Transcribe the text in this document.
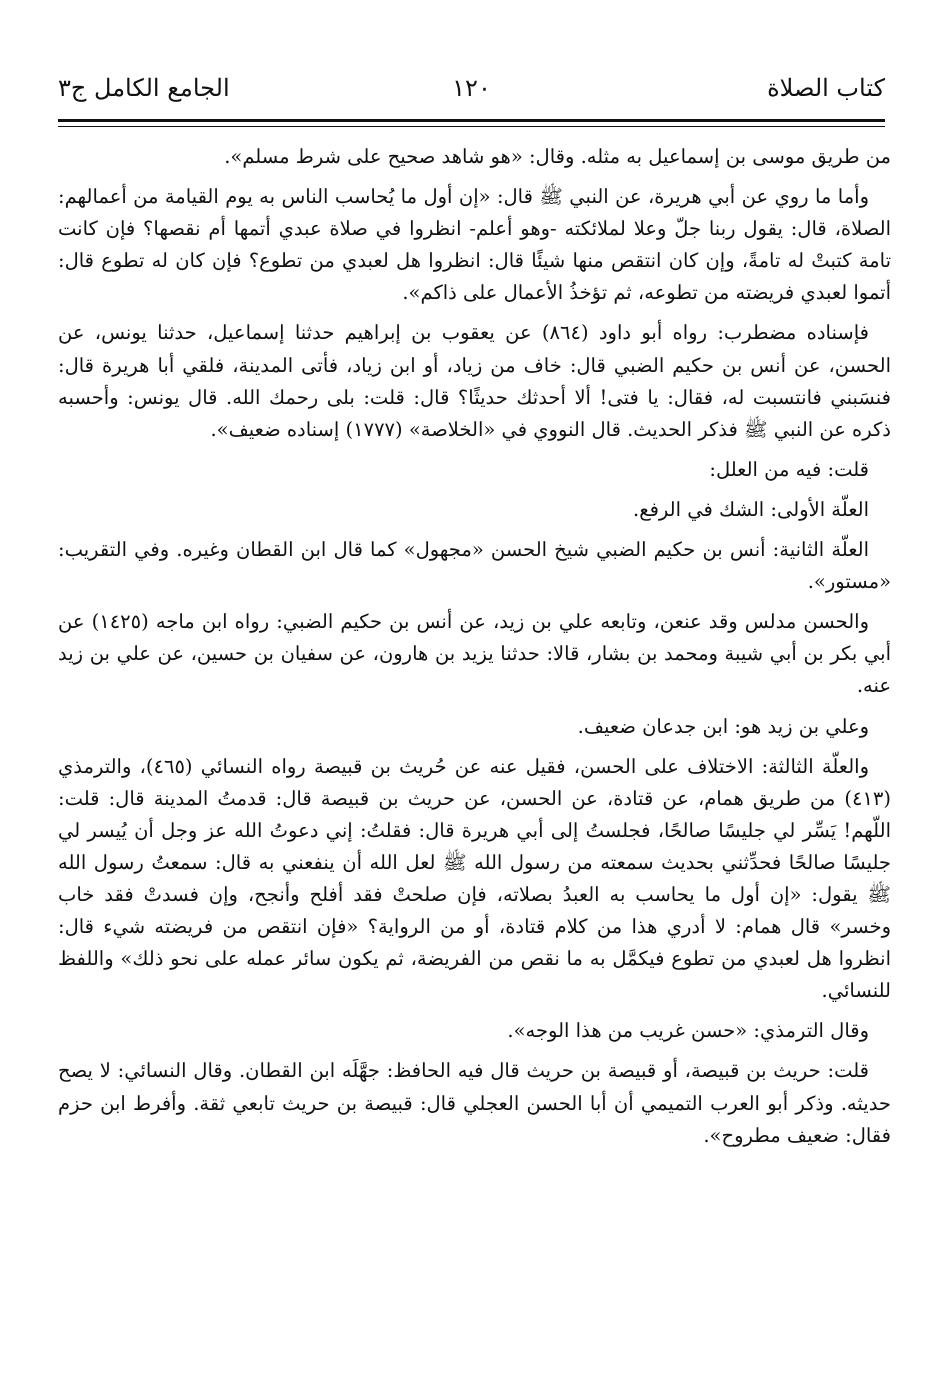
كتاب الصلاة
١٢٠
الجامع الكامل ج٣

من طريق موسى بن إسماعيل به مثله. وقال: «هو شاهد صحيح على شرط مسلم».

وأما ما روي عن أبي هريرة، عن النبي ﷺ قال: «إن أول ما يُحاسب الناس به يوم القيامة من أعمالهم: الصلاة، قال: يقول ربنا جلّ وعلا لملائكته -وهو أعلم- انظروا في صلاة عبدي أتمها أم نقصها؟ فإن كانت تامة كتبتْ له تامةً، وإن كان انتقص منها شيئًا قال: انظروا هل لعبدي من تطوع؟ فإن كان له تطوع قال: أتموا لعبدي فريضته من تطوعه، ثم تؤخذُ الأعمال على ذاكم».

فإسناده مضطرب: رواه أبو داود (٨٦٤) عن يعقوب بن إبراهيم حدثنا إسماعيل، حدثنا يونس، عن الحسن، عن أنس بن حكيم الضبي قال: خاف من زياد، أو ابن زياد، فأتى المدينة، فلقي أبا هريرة قال: فنسَبني فانتسبت له، فقال: يا فتى! ألا أحدثك حديثًا؟ قال: قلت: بلى رحمك الله. قال يونس: وأحسبه ذكره عن النبي ﷺ فذكر الحديث. قال النووي في «الخلاصة» (١٧٧٧) إسناده ضعيف».

قلت: فيه من العلل:

العلّة الأولى: الشك في الرفع.

العلّة الثانية: أنس بن حكيم الضبي شيخ الحسن «مجهول» كما قال ابن القطان وغيره. وفي التقريب: «مستور».

والحسن مدلس وقد عنعن، وتابعه علي بن زيد، عن أنس بن حكيم الضبي: رواه ابن ماجه (١٤٢٥) عن أبي بكر بن أبي شيبة ومحمد بن بشار، قالا: حدثنا يزيد بن هارون، عن سفيان بن حسين، عن علي بن زيد عنه.

وعلي بن زيد هو: ابن جدعان ضعيف.

والعلّة الثالثة: الاختلاف على الحسن، فقيل عنه عن حُريث بن قبيصة رواه النسائي (٤٦٥)، والترمذي (٤١٣) من طريق همام، عن قتادة، عن الحسن، عن حريث بن قبيصة قال: قدمتُ المدينة قال: قلت: اللّهم! يَسِّر لي جليسًا صالحًا، فجلستُ إلى أبي هريرة قال: فقلتُ: إني دعوتُ الله عز وجل أن يُيسر لي جليسًا صالحًا فحدِّثني بحديث سمعته من رسول الله ﷺ لعل الله أن ينفعني به قال: سمعتُ رسول الله ﷺ يقول: «إن أول ما يحاسب به العبدُ بصلاته، فإن صلحتْ فقد أفلح وأنجح، وإن فسدتْ فقد خاب وخسر» قال همام: لا أدري هذا من كلام قتادة، أو من الرواية؟ «فإن انتقص من فريضته شيء قال: انظروا هل لعبدي من تطوع فيكمَّل به ما نقص من الفريضة، ثم يكون سائر عمله على نحو ذلك» واللفظ للنسائي.

وقال الترمذي: «حسن غريب من هذا الوجه».

قلت: حريث بن قبيصة، أو قبيصة بن حريث قال فيه الحافظ: جهَّلَه ابن القطان. وقال النسائي: لا يصح حديثه. وذكر أبو العرب التميمي أن أبا الحسن العجلي قال: قبيصة بن حريث تابعي ثقة. وأفرط ابن حزم فقال: ضعيف مطروح».
